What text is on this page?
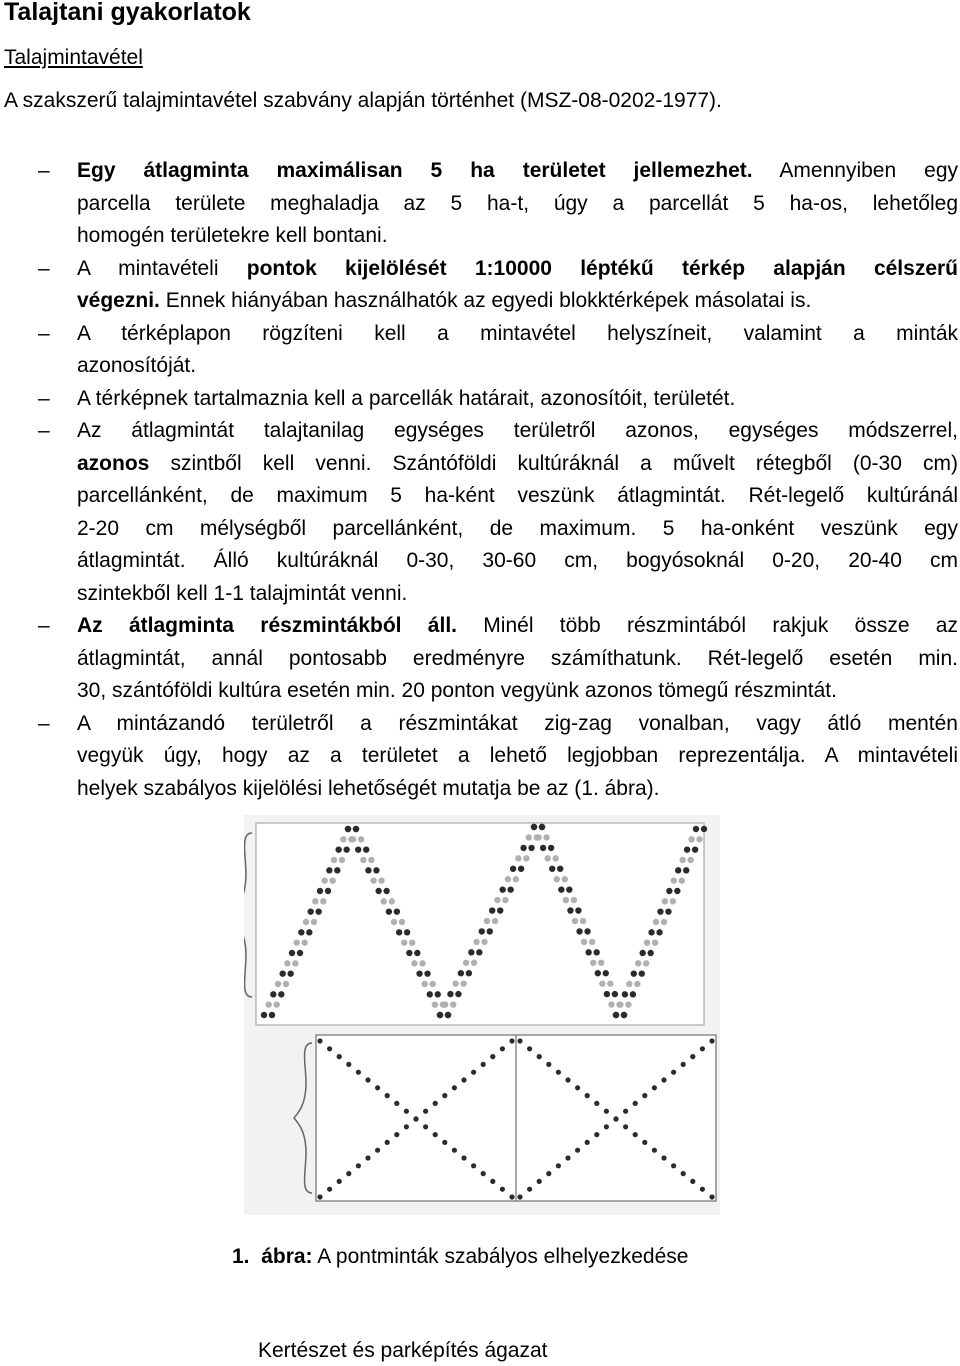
Talajtani gyakorlatok
Talajmintavétel

A szakszerű talajmintavétel szabvány alapján történhet (MSZ-08-0202-1977).

– Egy átlagminta maximálisan 5 ha területet jellemezhet. Amennyiben egy
parcella területe meghaladja az 5 ha-t, úgy a parcellát 5 ha-os, lehetőleg
homogén területekre kell bontani.
– A mintavételi pontok kijelölését 1:10000 léptékű térkép alapján célszerű
végezni. Ennek hiányában használhatók az egyedi blokktérképek másolatai is.
– A térképlapon rögzíteni kell a mintavétel helyszíneit, valamint a minták
azonosítóját.
– A térképnek tartalmaznia kell a parcellák határait, azonosítóit, területét.
– Az átlagmintát talajtanilag egységes területről azonos, egységes módszerrel,
azonos szintből kell venni. Szántóföldi kultúráknál a művelt rétegből (0-30 cm)
parcellánként, de maximum 5 ha-ként veszünk átlagmintát. Rét-legelő kultúránál
2-20 cm mélységből parcellánként, de maximum. 5 ha-onként veszünk egy
átlagmintát. Álló kultúráknál 0-30, 30-60 cm, bogyósoknál 0-20, 20-40 cm
szintekből kell 1-1 talajmintát venni.
– Az átlagminta részmintákból áll. Minél több részmintából rakjuk össze az
átlagmintát, annál pontosabb eredményre számíthatunk. Rét-legelő esetén min.
30, szántóföldi kultúra esetén min. 20 ponton vegyünk azonos tömegű részmintát.
– A mintázandó területről a részmintákat zig-zag vonalban, vagy átló mentén
vegyük úgy, hogy az a területet a lehető legjobban reprezentálja. A mintavételi
helyek szabályos kijelölési lehetőségét mutatja be az (1. ábra).
1. ábra: A pontminták szabályos elhelyezkedése
Kertészet és parképítés ágazat
